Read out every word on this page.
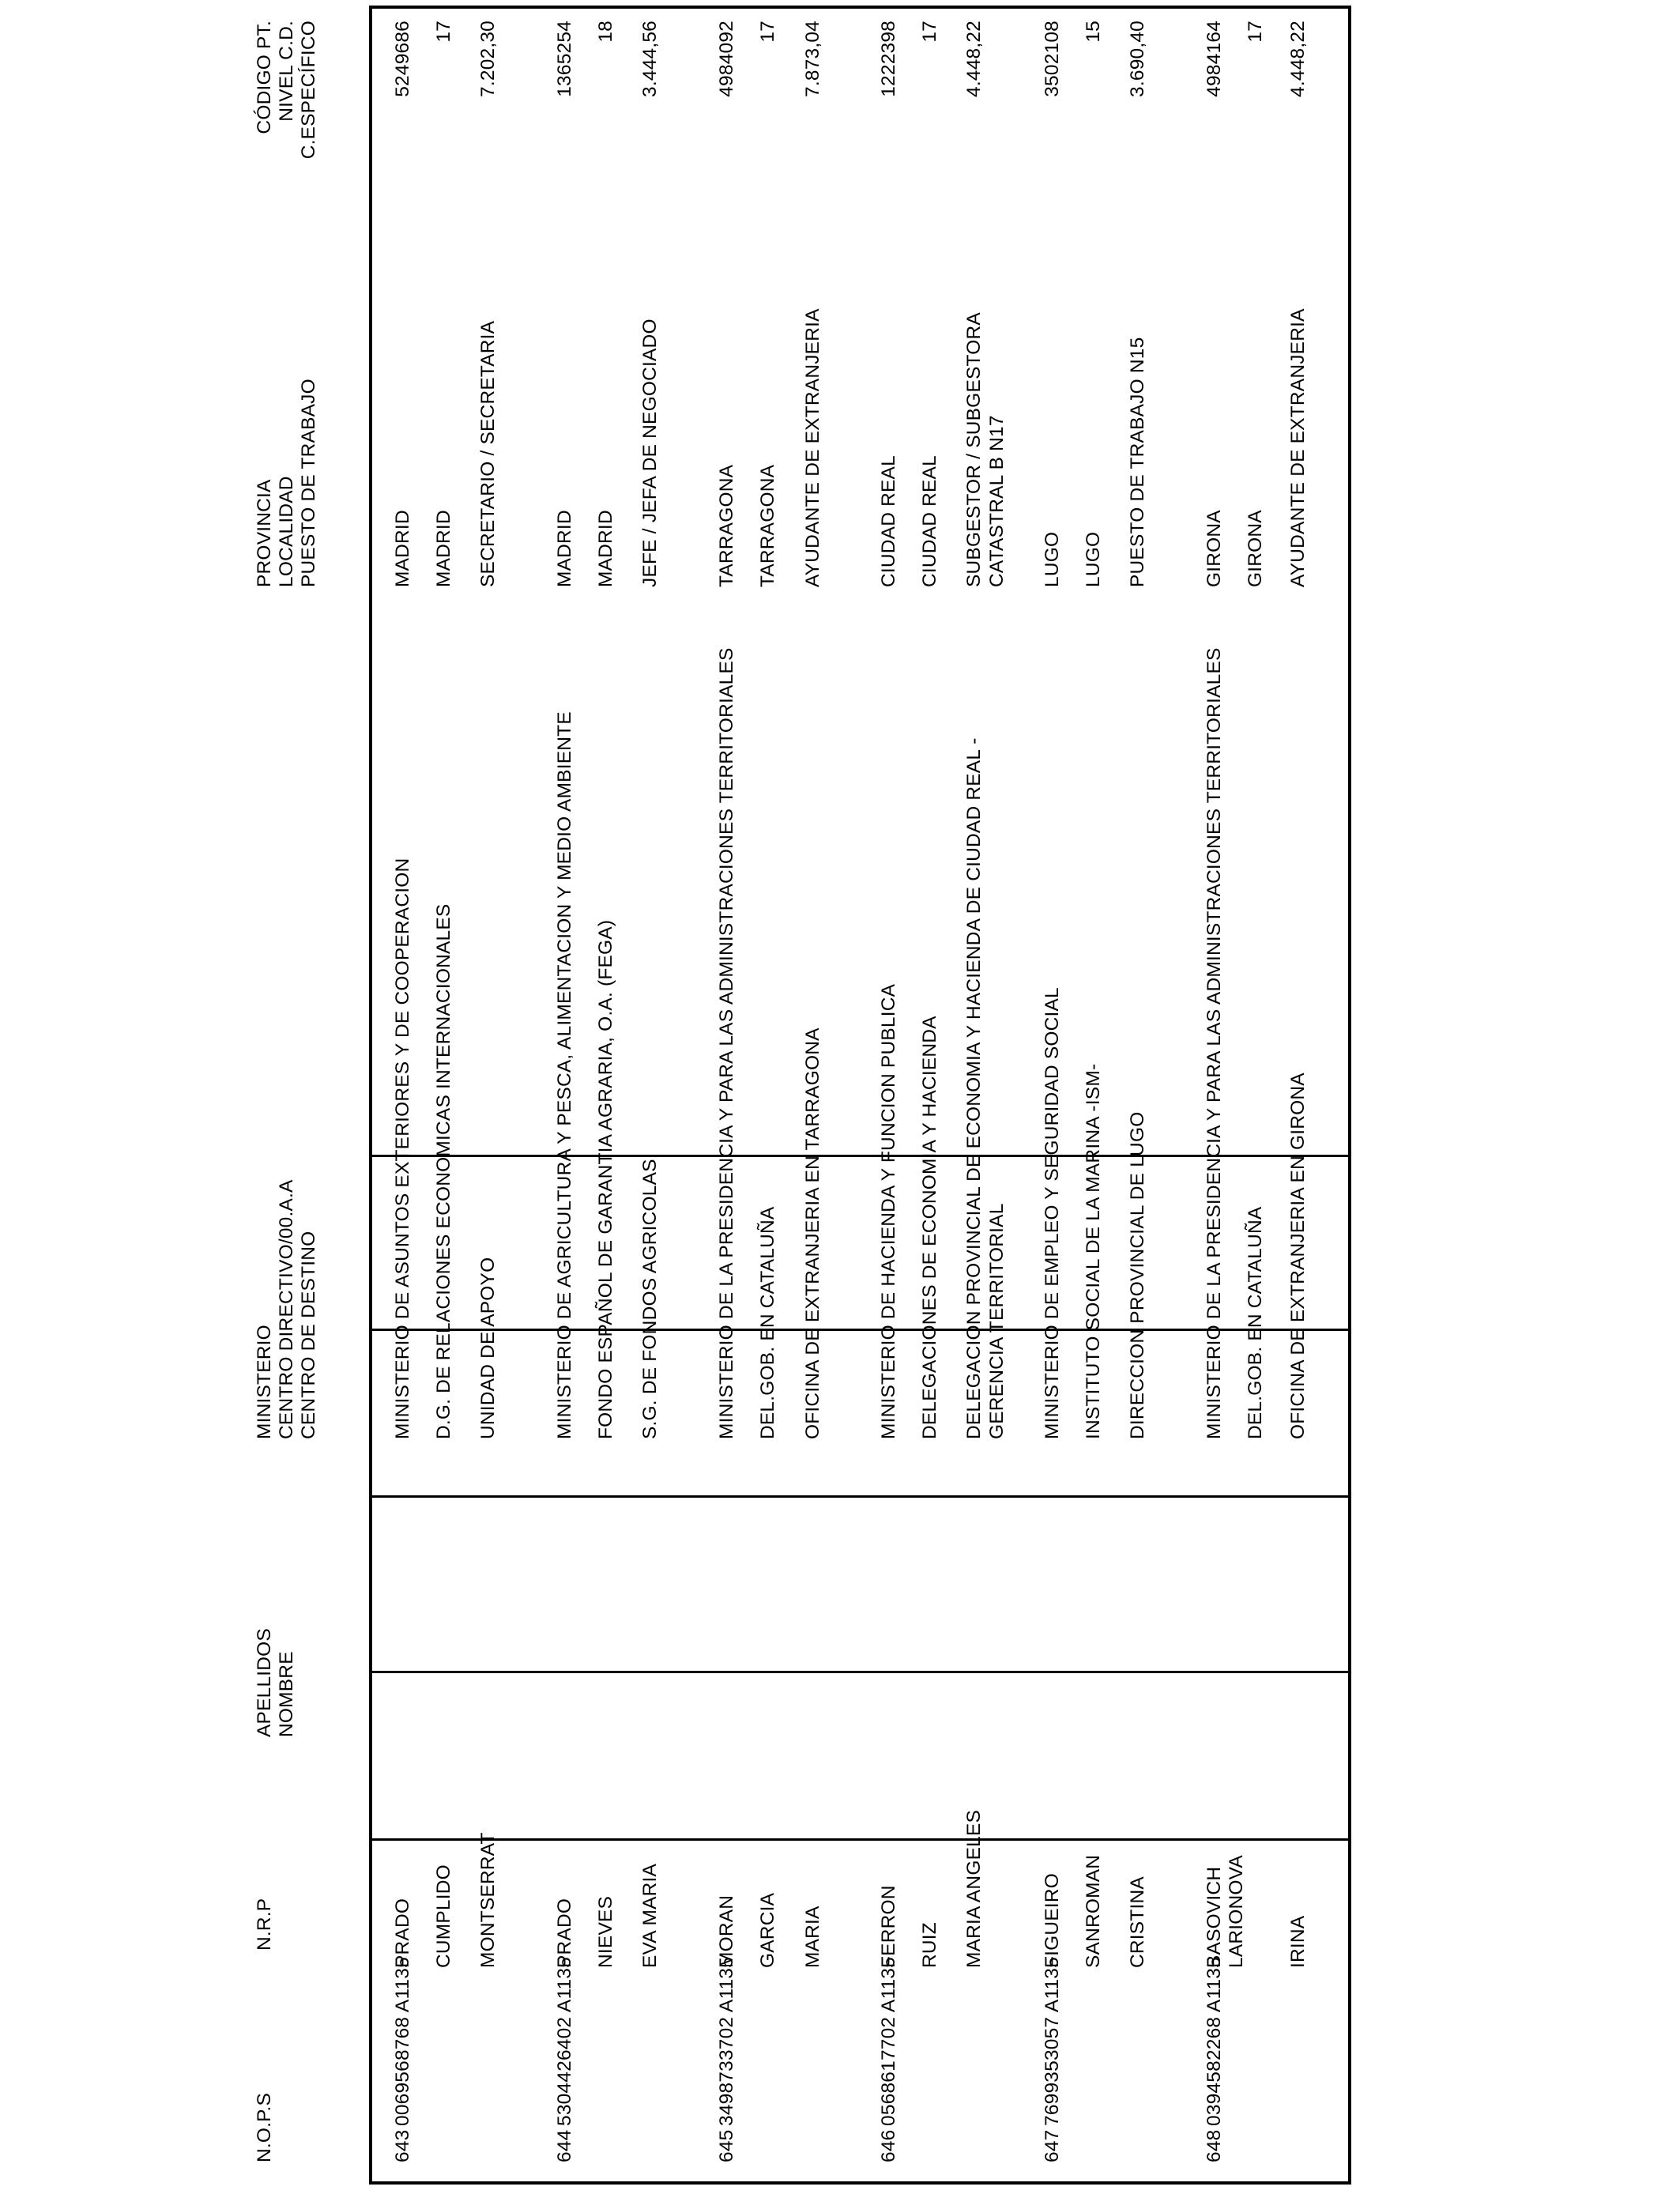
N.O.P.S
N.R.P
APELLIDOS NOMBRE
MINISTERIO CENTRO DIRECTIVO/00.A.A CENTRO DE DESTINO
PROVINCIA LOCALIDAD PUESTO DE TRABAJO
CÓDIGO PT. NIVEL C.D. C.ESPECÍFICO
643
0069568768 A1135
PRADO CUMPLIDO MONTSERRAT
MINISTERIO DE ASUNTOS EXTERIORES Y DE COOPERACION D.G. DE RELACIONES ECONOMICAS INTERNACIONALES UNIDAD DE APOYO
MADRID MADRID SECRETARIO / SECRETARIA
5249686 17 7.202,30
644
5304426402 A1135
PRADO NIEVES EVA MARIA
MINISTERIO DE AGRICULTURA Y PESCA, ALIMENTACION Y MEDIO AMBIENTE FONDO ESPAÑOL DE GARANTIA AGRARIA, O.A. (FEGA) S.G. DE FONDOS AGRICOLAS
MADRID MADRID JEFE / JEFA DE NEGOCIADO
1365254 18 3.444,56
645
3498733702 A1135
MORAN GARCIA MARIA
MINISTERIO DE LA PRESIDENCIA Y PARA LAS ADMINISTRACIONES TERRITORIALES DEL.GOB. EN CATALUÑA OFICINA DE EXTRANJERIA EN TARRAGONA
TARRAGONA TARRAGONA AYUDANTE DE EXTRANJERIA
4984092 17 7.873,04
646
0568617702 A1135
FERRON RUIZ MARIA ANGELES
MINISTERIO DE HACIENDA Y FUNCION PUBLICA DELEGACIONES DE ECONOMIA Y HACIENDA DELEGACION PROVINCIAL DE ECONOMIA Y HACIENDA DE CIUDAD REAL - GERENCIA TERRITORIAL
CIUDAD REAL CIUDAD REAL SUBGESTOR / SUBGESTORA CATASTRAL B N17
1222398 17 4.448,22
647
7699353057 A1135
FIGUEIRO SANROMAN CRISTINA
MINISTERIO DE EMPLEO Y SEGURIDAD SOCIAL INSTITUTO SOCIAL DE LA MARINA -ISM- DIRECCION PROVINCIAL DE LUGO
LUGO LUGO PUESTO DE TRABAJO N15
3502108 15 3.690,40
648
0394582268 A1135
BASOVICH LARIONOVA IRINA
MINISTERIO DE LA PRESIDENCIA Y PARA LAS ADMINISTRACIONES TERRITORIALES DEL.GOB. EN CATALUÑA OFICINA DE EXTRANJERIA EN GIRONA
GIRONA GIRONA AYUDANTE DE EXTRANJERIA
4984164 17 4.448,22
